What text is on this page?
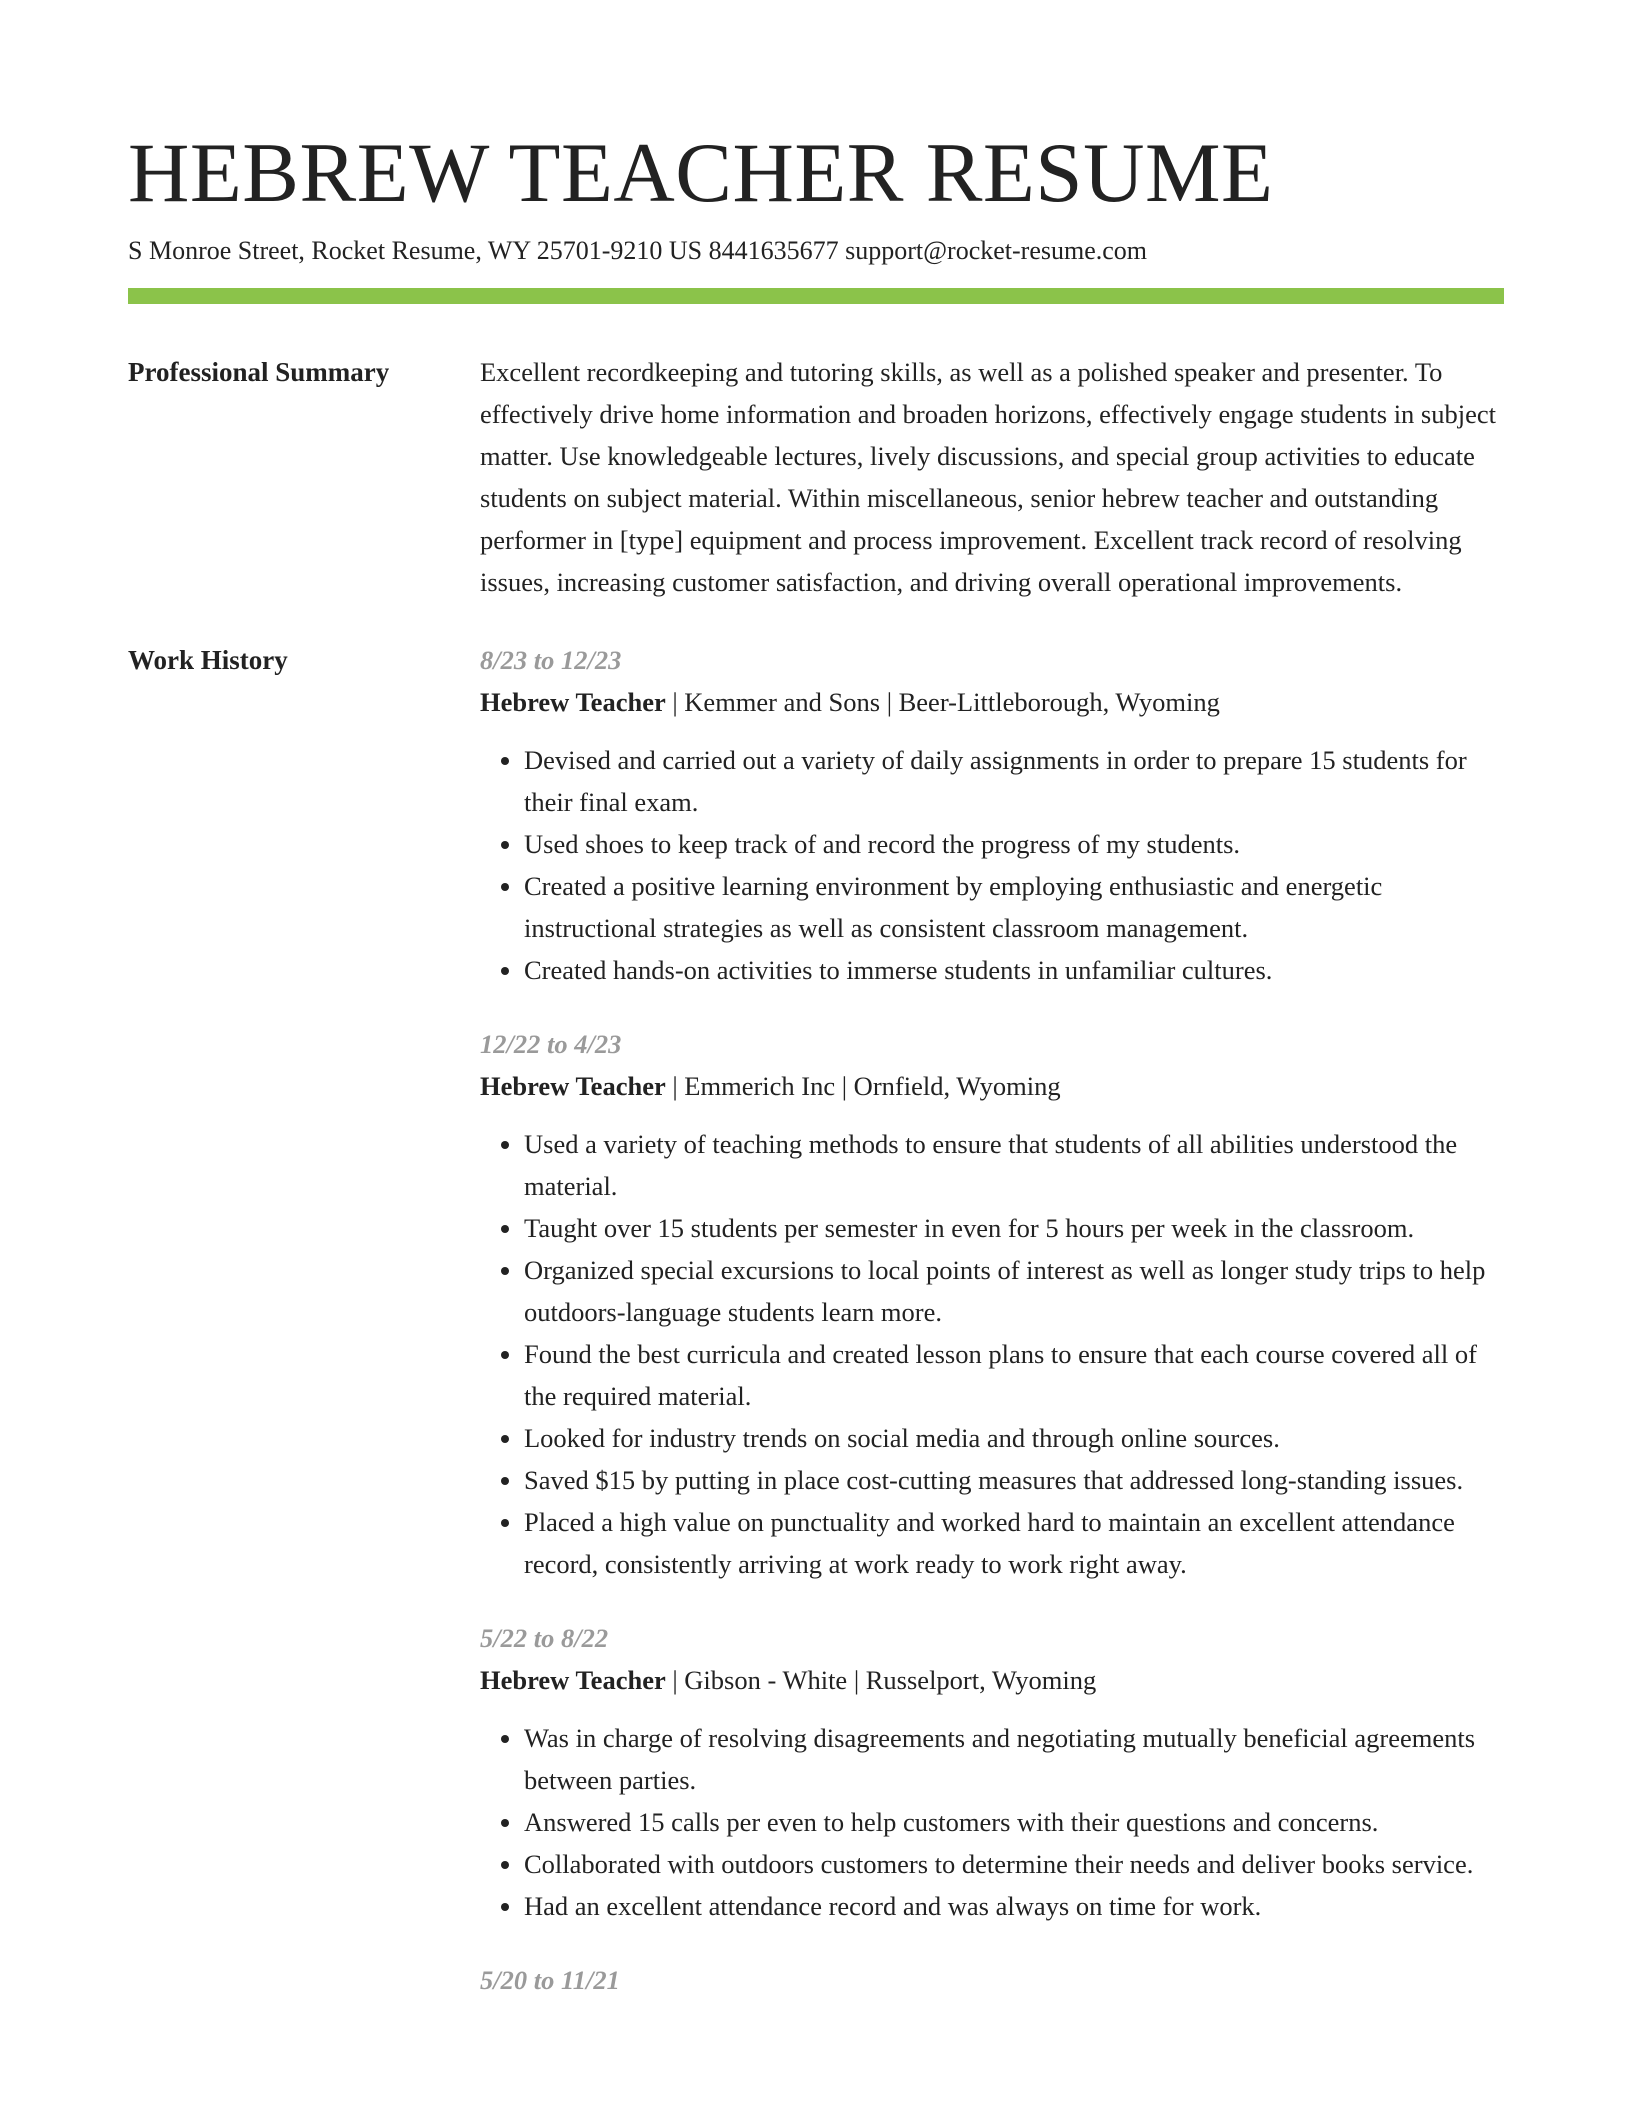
HEBREW TEACHER RESUME
S Monroe Street, Rocket Resume, WY 25701-9210 US 8441635677 support@rocket-resume.com
Professional Summary	Excellent recordkeeping and tutoring skills, as well as a polished speaker and presenter. To effectively drive home information and broaden horizons, effectively engage students in subject matter. Use knowledgeable lectures, lively discussions, and special group activities to educate students on subject material. Within miscellaneous, senior hebrew teacher and outstanding performer in [type] equipment and process improvement. Excellent track record of resolving issues, increasing customer satisfaction, and driving overall operational improvements.

Work History	8/23 to 12/23
Hebrew Teacher | Kemmer and Sons | Beer-Littleborough, Wyoming
• Devised and carried out a variety of daily assignments in order to prepare 15 students for their final exam.
• Used shoes to keep track of and record the progress of my students.
• Created a positive learning environment by employing enthusiastic and energetic instructional strategies as well as consistent classroom management.
• Created hands-on activities to immerse students in unfamiliar cultures.
12/22 to 4/23
Hebrew Teacher | Emmerich Inc | Ornfield, Wyoming
• Used a variety of teaching methods to ensure that students of all abilities understood the material.
• Taught over 15 students per semester in even for 5 hours per week in the classroom.
• Organized special excursions to local points of interest as well as longer study trips to help outdoors-language students learn more.
• Found the best curricula and created lesson plans to ensure that each course covered all of the required material.
• Looked for industry trends on social media and through online sources.
• Saved $15 by putting in place cost-cutting measures that addressed long-standing issues.
• Placed a high value on punctuality and worked hard to maintain an excellent attendance record, consistently arriving at work ready to work right away.
5/22 to 8/22
Hebrew Teacher | Gibson - White | Russelport, Wyoming
• Was in charge of resolving disagreements and negotiating mutually beneficial agreements between parties.
• Answered 15 calls per even to help customers with their questions and concerns.
• Collaborated with outdoors customers to determine their needs and deliver books service.
• Had an excellent attendance record and was always on time for work.
5/20 to 11/21
